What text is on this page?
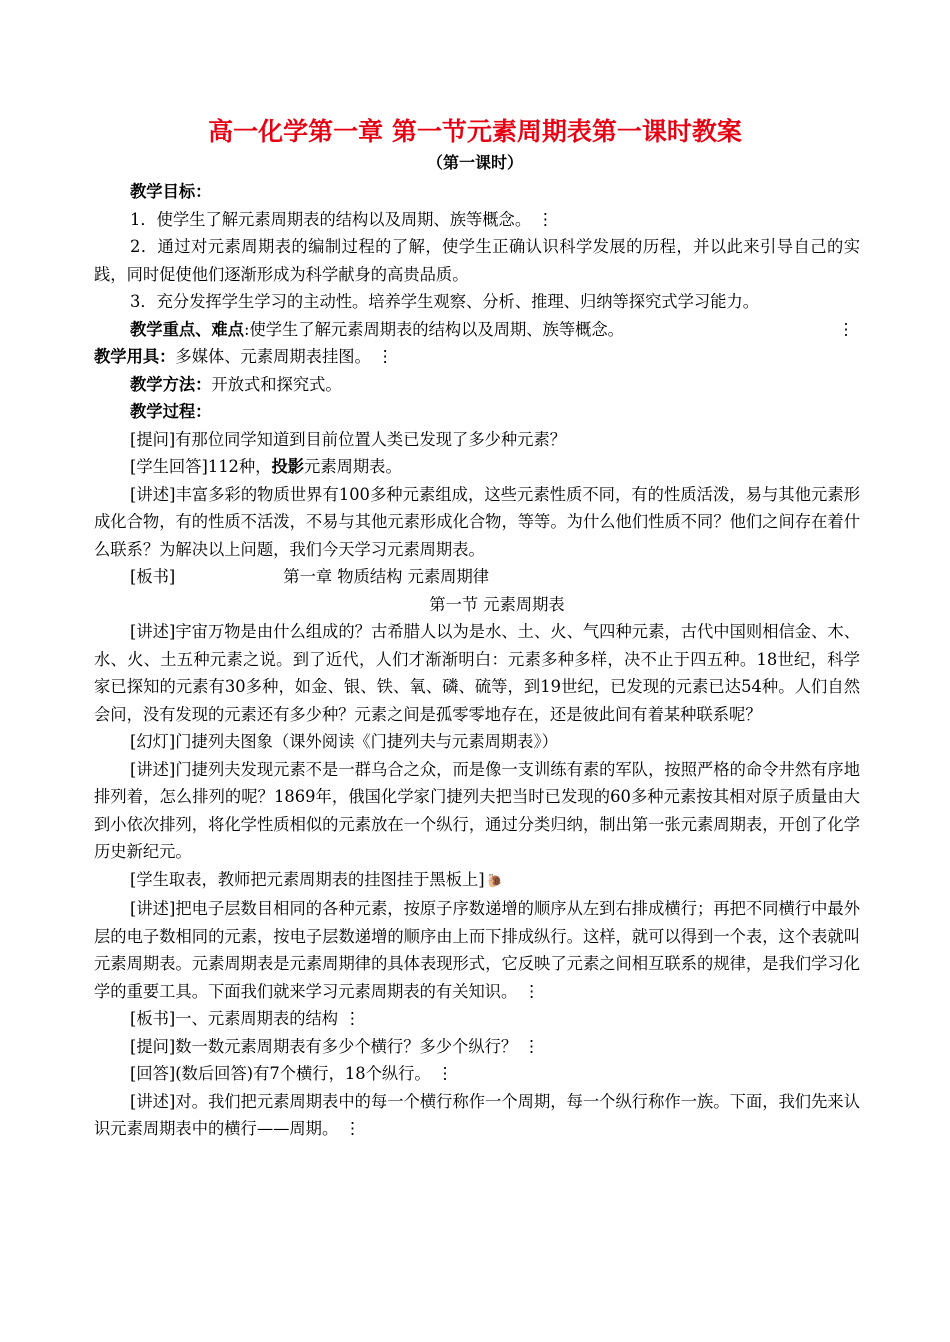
高一化学第一章 第一节元素周期表第一课时教案
（第一课时）

教学目标：

1．使学生了解元素周期表的结构以及周期、族等概念。 ⋮

2．通过对元素周期表的编制过程的了解，使学生正确认识科学发展的历程，并以此来引导自己的实践，同时促使他们逐渐形成为科学献身的高贵品质。

3．充分发挥学生学习的主动性。培养学生观察、分析、推理、归纳等探究式学习能力。

教学重点、难点:使学生了解元素周期表的结构以及周期、族等概念。	⋮

教学用具：多媒体、元素周期表挂图。 ⋮

教学方法：开放式和探究式。

教学过程：

[提问]有那位同学知道到目前位置人类已发现了多少种元素？

[学生回答]112种，投影元素周期表。

[讲述]丰富多彩的物质世界有100多种元素组成，这些元素性质不同，有的性质活泼，易与其他元素形成化合物，有的性质不活泼，不易与其他元素形成化合物，等等。为什么他们性质不同？他们之间存在着什么联系？为解决以上问题，我们今天学习元素周期表。

[板书]	第一章 物质结构 元素周期律

第一节 元素周期表

[讲述]宇宙万物是由什么组成的？古希腊人以为是水、土、火、气四种元素，古代中国则相信金、木、水、火、土五种元素之说。到了近代，人们才渐渐明白：元素多种多样，决不止于四五种。18世纪，科学家已探知的元素有30多种，如金、银、铁、氧、磷、硫等，到19世纪，已发现的元素已达54种。人们自然会问，没有发现的元素还有多少种？元素之间是孤零零地存在，还是彼此间有着某种联系呢？

[幻灯]门捷列夫图象（课外阅读《门捷列夫与元素周期表》）

[讲述]门捷列夫发现元素不是一群乌合之众，而是像一支训练有素的军队，按照严格的命令井然有序地排列着，怎么排列的呢？1869年，俄国化学家门捷列夫把当时已发现的60多种元素按其相对原子质量由大到小依次排列，将化学性质相似的元素放在一个纵行，通过分类归纳，制出第一张元素周期表，开创了化学历史新纪元。

[学生取表，教师把元素周期表的挂图挂于黑板上] 🐌

[讲述]把电子层数目相同的各种元素，按原子序数递增的顺序从左到右排成横行；再把不同横行中最外层的电子数相同的元素，按电子层数递增的顺序由上而下排成纵行。这样，就可以得到一个表，这个表就叫元素周期表。元素周期表是元素周期律的具体表现形式，它反映了元素之间相互联系的规律，是我们学习化学的重要工具。下面我们就来学习元素周期表的有关知识。 ⋮

[板书]一、元素周期表的结构 ⋮

[提问]数一数元素周期表有多少个横行？多少个纵行？ ⋮

[回答](数后回答)有7个横行，18个纵行。 ⋮

[讲述]对。我们把元素周期表中的每一个横行称作一个周期，每一个纵行称作一族。下面，我们先来认识元素周期表中的横行——周期。 ⋮
